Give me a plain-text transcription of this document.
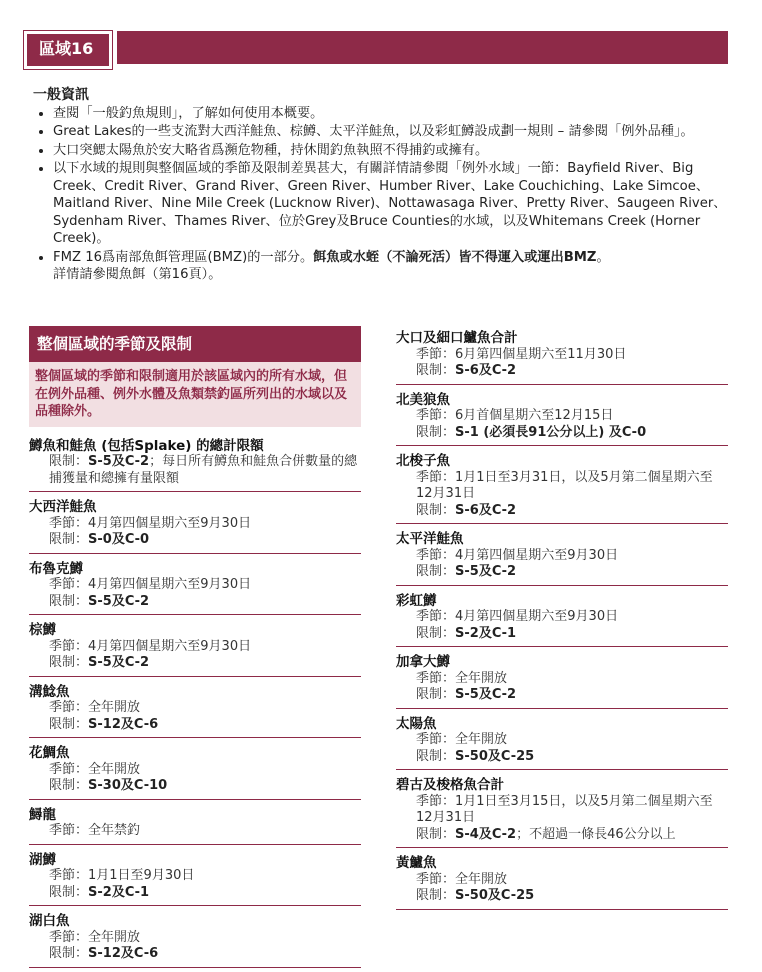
區域16
一般資訊
• 查閱「一般釣魚規則」，了解如何使用本概要。
• Great Lakes的一些支流對大西洋鮭魚、棕鱒、太平洋鮭魚，以及彩虹鱒設成劃一規則 – 請參閱「例外品種」。
• 大口突鰓太陽魚於安大略省爲瀕危物種，持休閒釣魚執照不得捕釣或擁有。
• 以下水域的規則與整個區域的季節及限制差異甚大，有關詳情請參閱「例外水域」一節：Bayfield River、Big Creek、Credit River、Grand River、Green River、Humber River、Lake Couchiching、Lake Simcoe、Maitland River、Nine Mile Creek (Lucknow River)、Nottawasaga River、Pretty River、Saugeen River、Sydenham River、Thames River、位於Grey及Bruce Counties的水域，以及Whitemans Creek (Horner Creek)。
• FMZ 16爲南部魚餌管理區(BMZ)的一部分。餌魚或水蛭（不論死活）皆不得運入或運出BMZ。
詳情請參閱魚餌（第16頁）。
整個區域的季節及限制
整個區域的季節和限制適用於該區域內的所有水域，但在例外品種、例外水體及魚類禁釣區所列出的水域以及品種除外。
鱒魚和鮭魚 (包括Splake) 的總計限額
限制：S-5及C-2；每日所有鱒魚和鮭魚合併數量的總捕獲量和總擁有量限額
大西洋鮭魚
季節：4月第四個星期六至9月30日
限制：S-0及C-0
布魯克鱒
季節：4月第四個星期六至9月30日
限制：S-5及C-2
棕鱒
季節：4月第四個星期六至9月30日
限制：S-5及C-2
溝鯰魚
季節：全年開放
限制：S-12及C-6
花鯛魚
季節：全年開放
限制：S-30及C-10
鱘龍
季節：全年禁釣
湖鱒
季節：1月1日至9月30日
限制：S-2及C-1
湖白魚
季節：全年開放
限制：S-12及C-6
大口及細口鱸魚合計
季節：6月第四個星期六至11月30日
限制：S-6及C-2
北美狼魚
季節：6月首個星期六至12月15日
限制：S-1 (必須長91公分以上) 及C-0
北梭子魚
季節：1月1日至3月31日，以及5月第二個星期六至12月31日
限制：S-6及C-2
太平洋鮭魚
季節：4月第四個星期六至9月30日
限制：S-5及C-2
彩虹鱒
季節：4月第四個星期六至9月30日
限制：S-2及C-1
加拿大鱒
季節：全年開放
限制：S-5及C-2
太陽魚
季節：全年開放
限制：S-50及C-25
碧古及梭格魚合計
季節：1月1日至3月15日，以及5月第二個星期六至12月31日
限制：S-4及C-2；不超過一條長46公分以上
黃鱸魚
季節：全年開放
限制：S-50及C-25
